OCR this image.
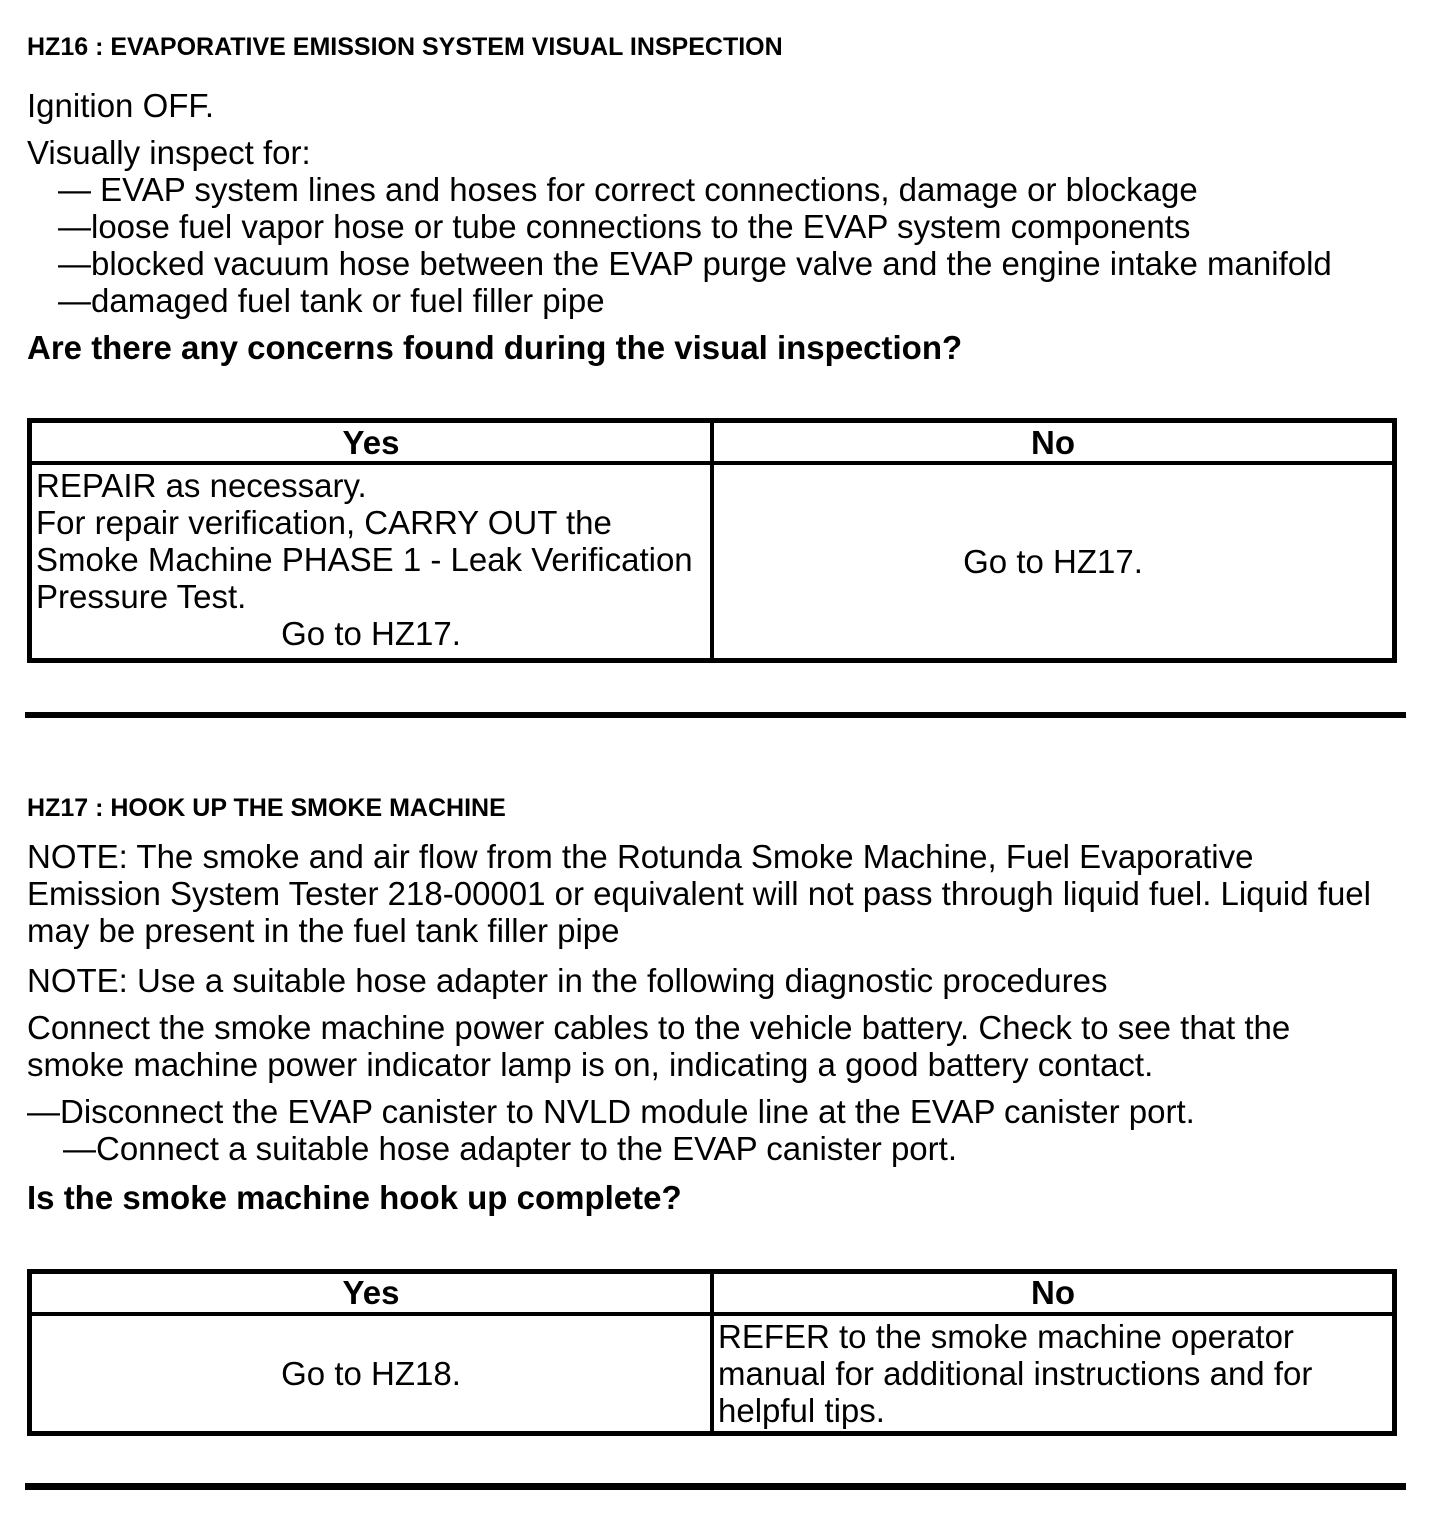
HZ16 : EVAPORATIVE EMISSION SYSTEM VISUAL INSPECTION

Ignition OFF.

Visually inspect for:

— EVAP system lines and hoses for correct connections, damage or blockage

—loose fuel vapor hose or tube connections to the EVAP system components

—blocked vacuum hose between the EVAP purge valve and the engine intake manifold

—damaged fuel tank or fuel filler pipe

Are there any concerns found during the visual inspection?

Yes	No

REPAIR as necessary.
For repair verification, CARRY OUT the Smoke Machine PHASE 1 - Leak Verification Pressure Test.
Go to HZ17.	Go to HZ17.
HZ17 : HOOK UP THE SMOKE MACHINE

NOTE: The smoke and air flow from the Rotunda Smoke Machine, Fuel Evaporative Emission System Tester 218-00001 or equivalent will not pass through liquid fuel. Liquid fuel may be present in the fuel tank filler pipe

NOTE: Use a suitable hose adapter in the following diagnostic procedures

Connect the smoke machine power cables to the vehicle battery. Check to see that the smoke machine power indicator lamp is on, indicating a good battery contact.

—Disconnect the EVAP canister to NVLD module line at the EVAP canister port.

—Connect a suitable hose adapter to the EVAP canister port.

Is the smoke machine hook up complete?

Yes	No
Go to HZ18.	REFER to the smoke machine operator manual for additional instructions and for helpful tips.
